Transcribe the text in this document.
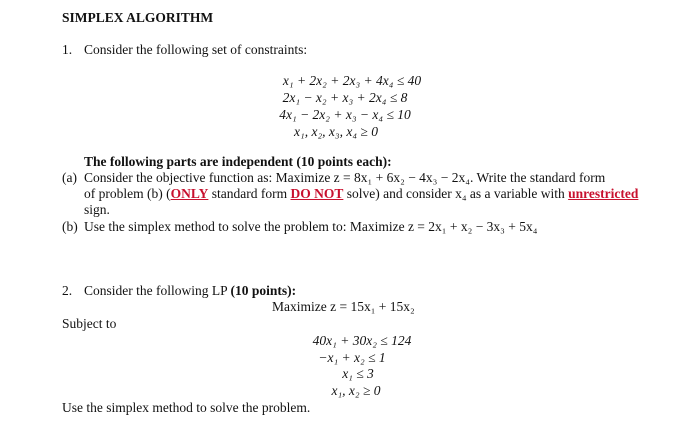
SIMPLEX ALGORITHM
1. Consider the following set of constraints:
x₁ + 2x₂ + 2x₃ + 4x₄ ≤ 40
2x₁ − x₂ + x₃ + 2x₄ ≤ 8
4x₁ − 2x₂ + x₃ − x₄ ≤ 10
x₁, x₂, x₃, x₄ ≥ 0
The following parts are independent (10 points each):
(a) Consider the objective function as: Maximize z = 8x₁ + 6x₂ − 4x₃ − 2x₄. Write the standard form
of problem (b) (ONLY standard form DO NOT solve) and consider x₄ as a variable with unrestricted
sign.
(b) Use the simplex method to solve the problem to: Maximize z = 2x₁ + x₂ − 3x₃ + 5x₄
2. Consider the following LP (10 points):
Maximize z = 15x₁ + 15x₂
Subject to
40x₁ + 30x₂ ≤ 124
−x₁ + x₂ ≤ 1
x₁ ≤ 3
x₁, x₂ ≥ 0
Use the simplex method to solve the problem.
